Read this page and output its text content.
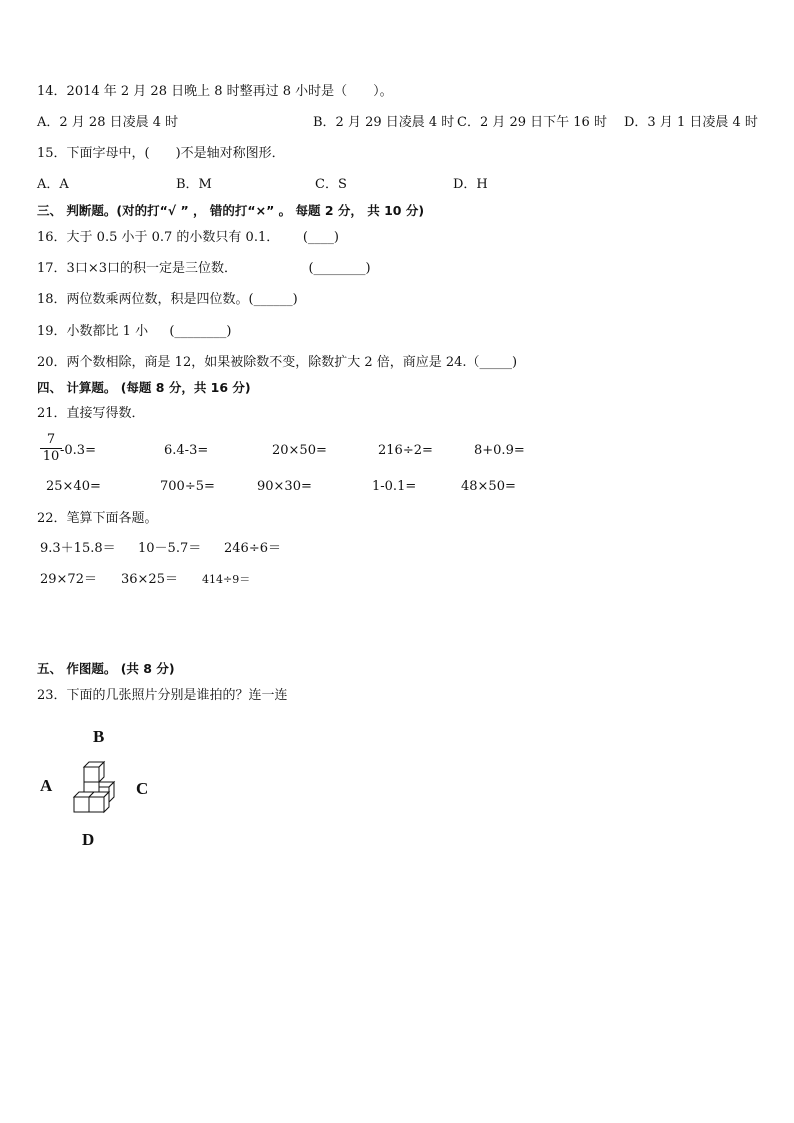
14．2014 年 2 月 28 日晚上 8 时整再过 8 小时是（　　）。
A．2 月 28 日凌晨 4 时	B．2 月 29 日凌晨 4 时 C．2 月 29 日下午 16 时 D．3 月 1 日凌晨 4 时
15．下面字母中，(　　)不是轴对称图形．
A．A	B．M	C．S	D．H
三、 判断题。(对的打“√ ” ， 错的打“×” 。 每题 2 分， 共 10 分)
16．大于 0.5 小于 0.7 的小数只有 0.1．　　 (____)
17．3口×3口的积一定是三位数．　　　　　　(________)
18．两位数乘两位数，积是四位数。(______)
19．小数都比 1 小 　 (________)
20．两个数相除，商是 12，如果被除数不变，除数扩大 2 倍，商应是 24.（_____)
四、 计算题。 (每题 8 分，共 16 分)
21．直接写得数．
7
10 -0.3=	6.4-3=	20×50=	216÷2=	8+0.9=
25×40=	700÷5=	90×30=	1-0.1=	48×50=
22．笔算下面各题。
9.3＋15.8＝ 10－5.7＝ 246÷6＝
29×72＝ 36×25＝ 414÷9＝
五、 作图题。 (共 8 分)
23．下面的几张照片分别是谁拍的？连一连
B
A	C
D
